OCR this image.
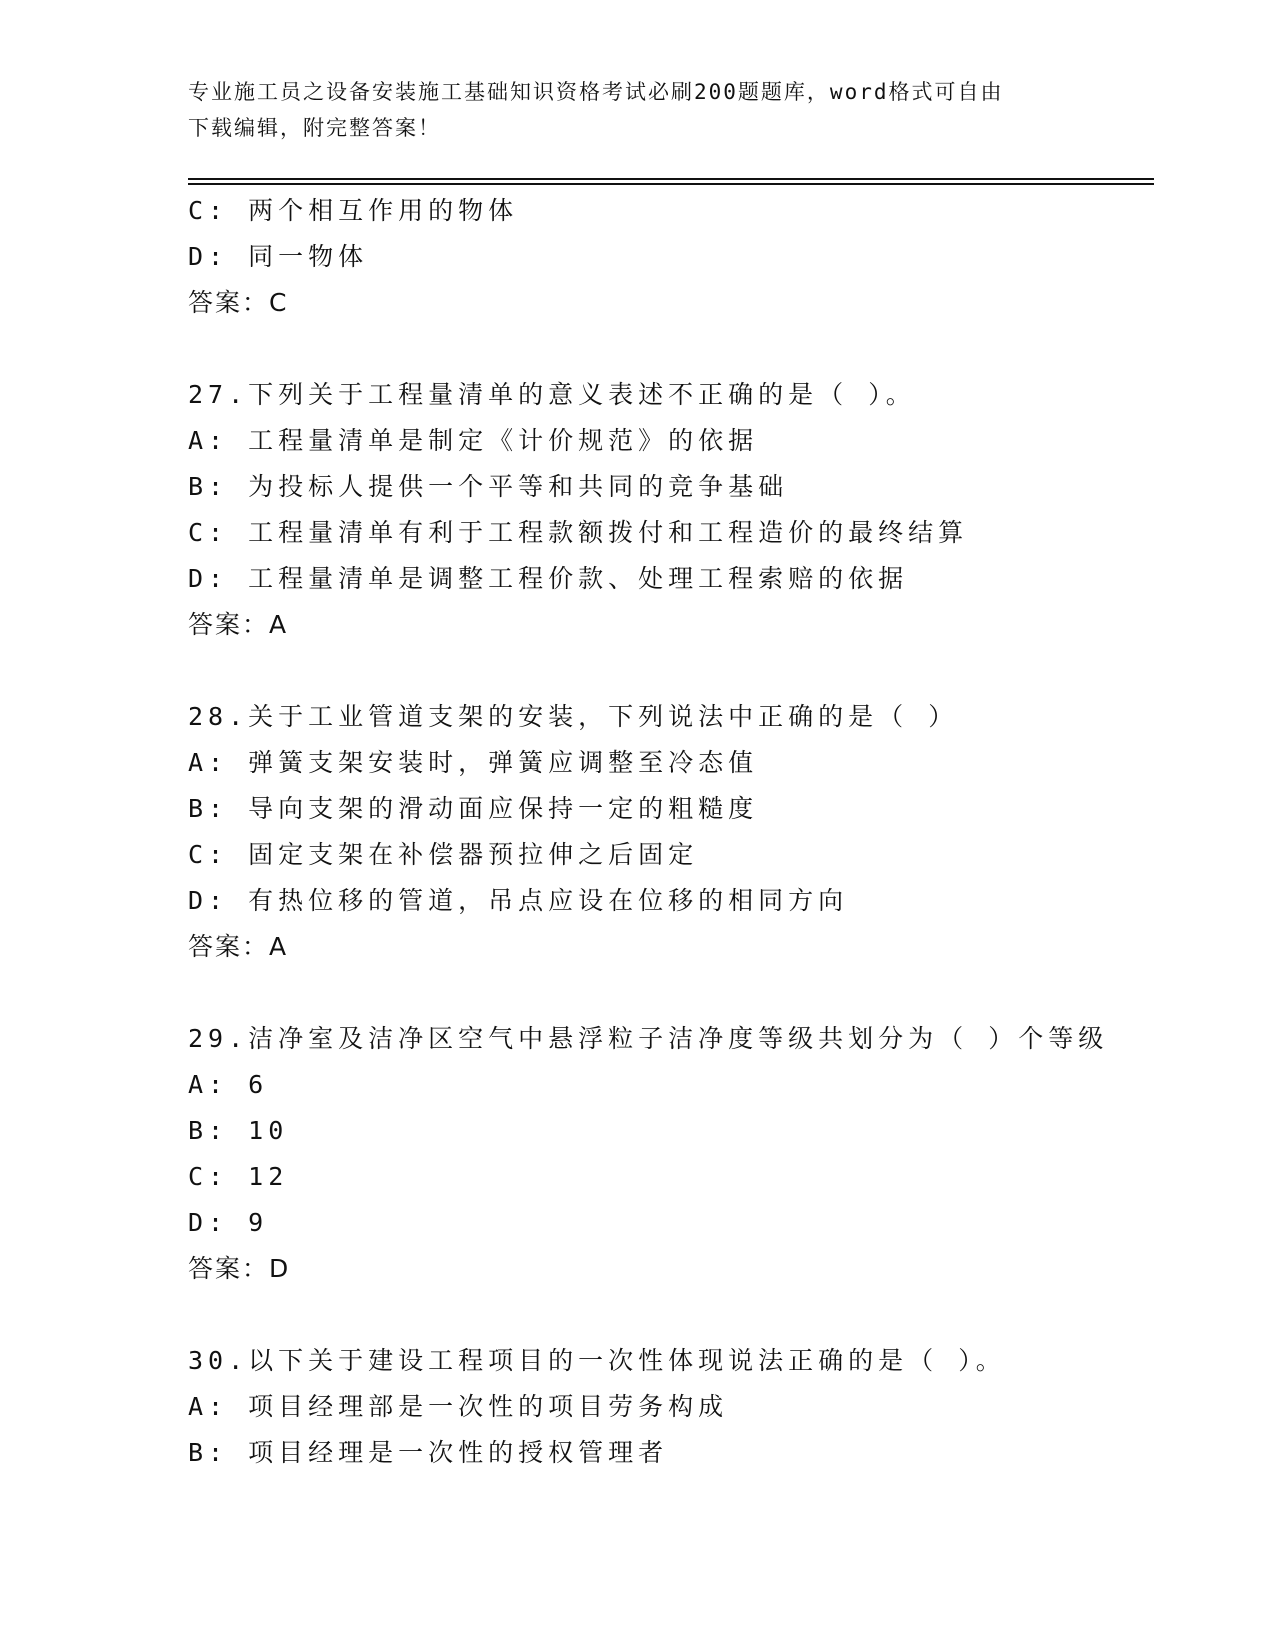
专业施工员之设备安装施工基础知识资格考试必刷200题题库，word格式可自由
下载编辑，附完整答案！
C: 两个相互作用的物体
D: 同一物体
答案：C
27.下列关于工程量清单的意义表述不正确的是（ ）。
A: 工程量清单是制定《计价规范》的依据
B: 为投标人提供一个平等和共同的竞争基础
C: 工程量清单有利于工程款额拨付和工程造价的最终结算
D: 工程量清单是调整工程价款、处理工程索赔的依据
答案：A
28.关于工业管道支架的安装，下列说法中正确的是（ ）
A: 弹簧支架安装时，弹簧应调整至冷态值
B: 导向支架的滑动面应保持一定的粗糙度
C: 固定支架在补偿器预拉伸之后固定
D: 有热位移的管道，吊点应设在位移的相同方向
答案：A
29.洁净室及洁净区空气中悬浮粒子洁净度等级共划分为（ ）个等级
A: 6
B: 10
C: 12
D: 9
答案：D
30.以下关于建设工程项目的一次性体现说法正确的是（ ）。
A: 项目经理部是一次性的项目劳务构成
B: 项目经理是一次性的授权管理者
